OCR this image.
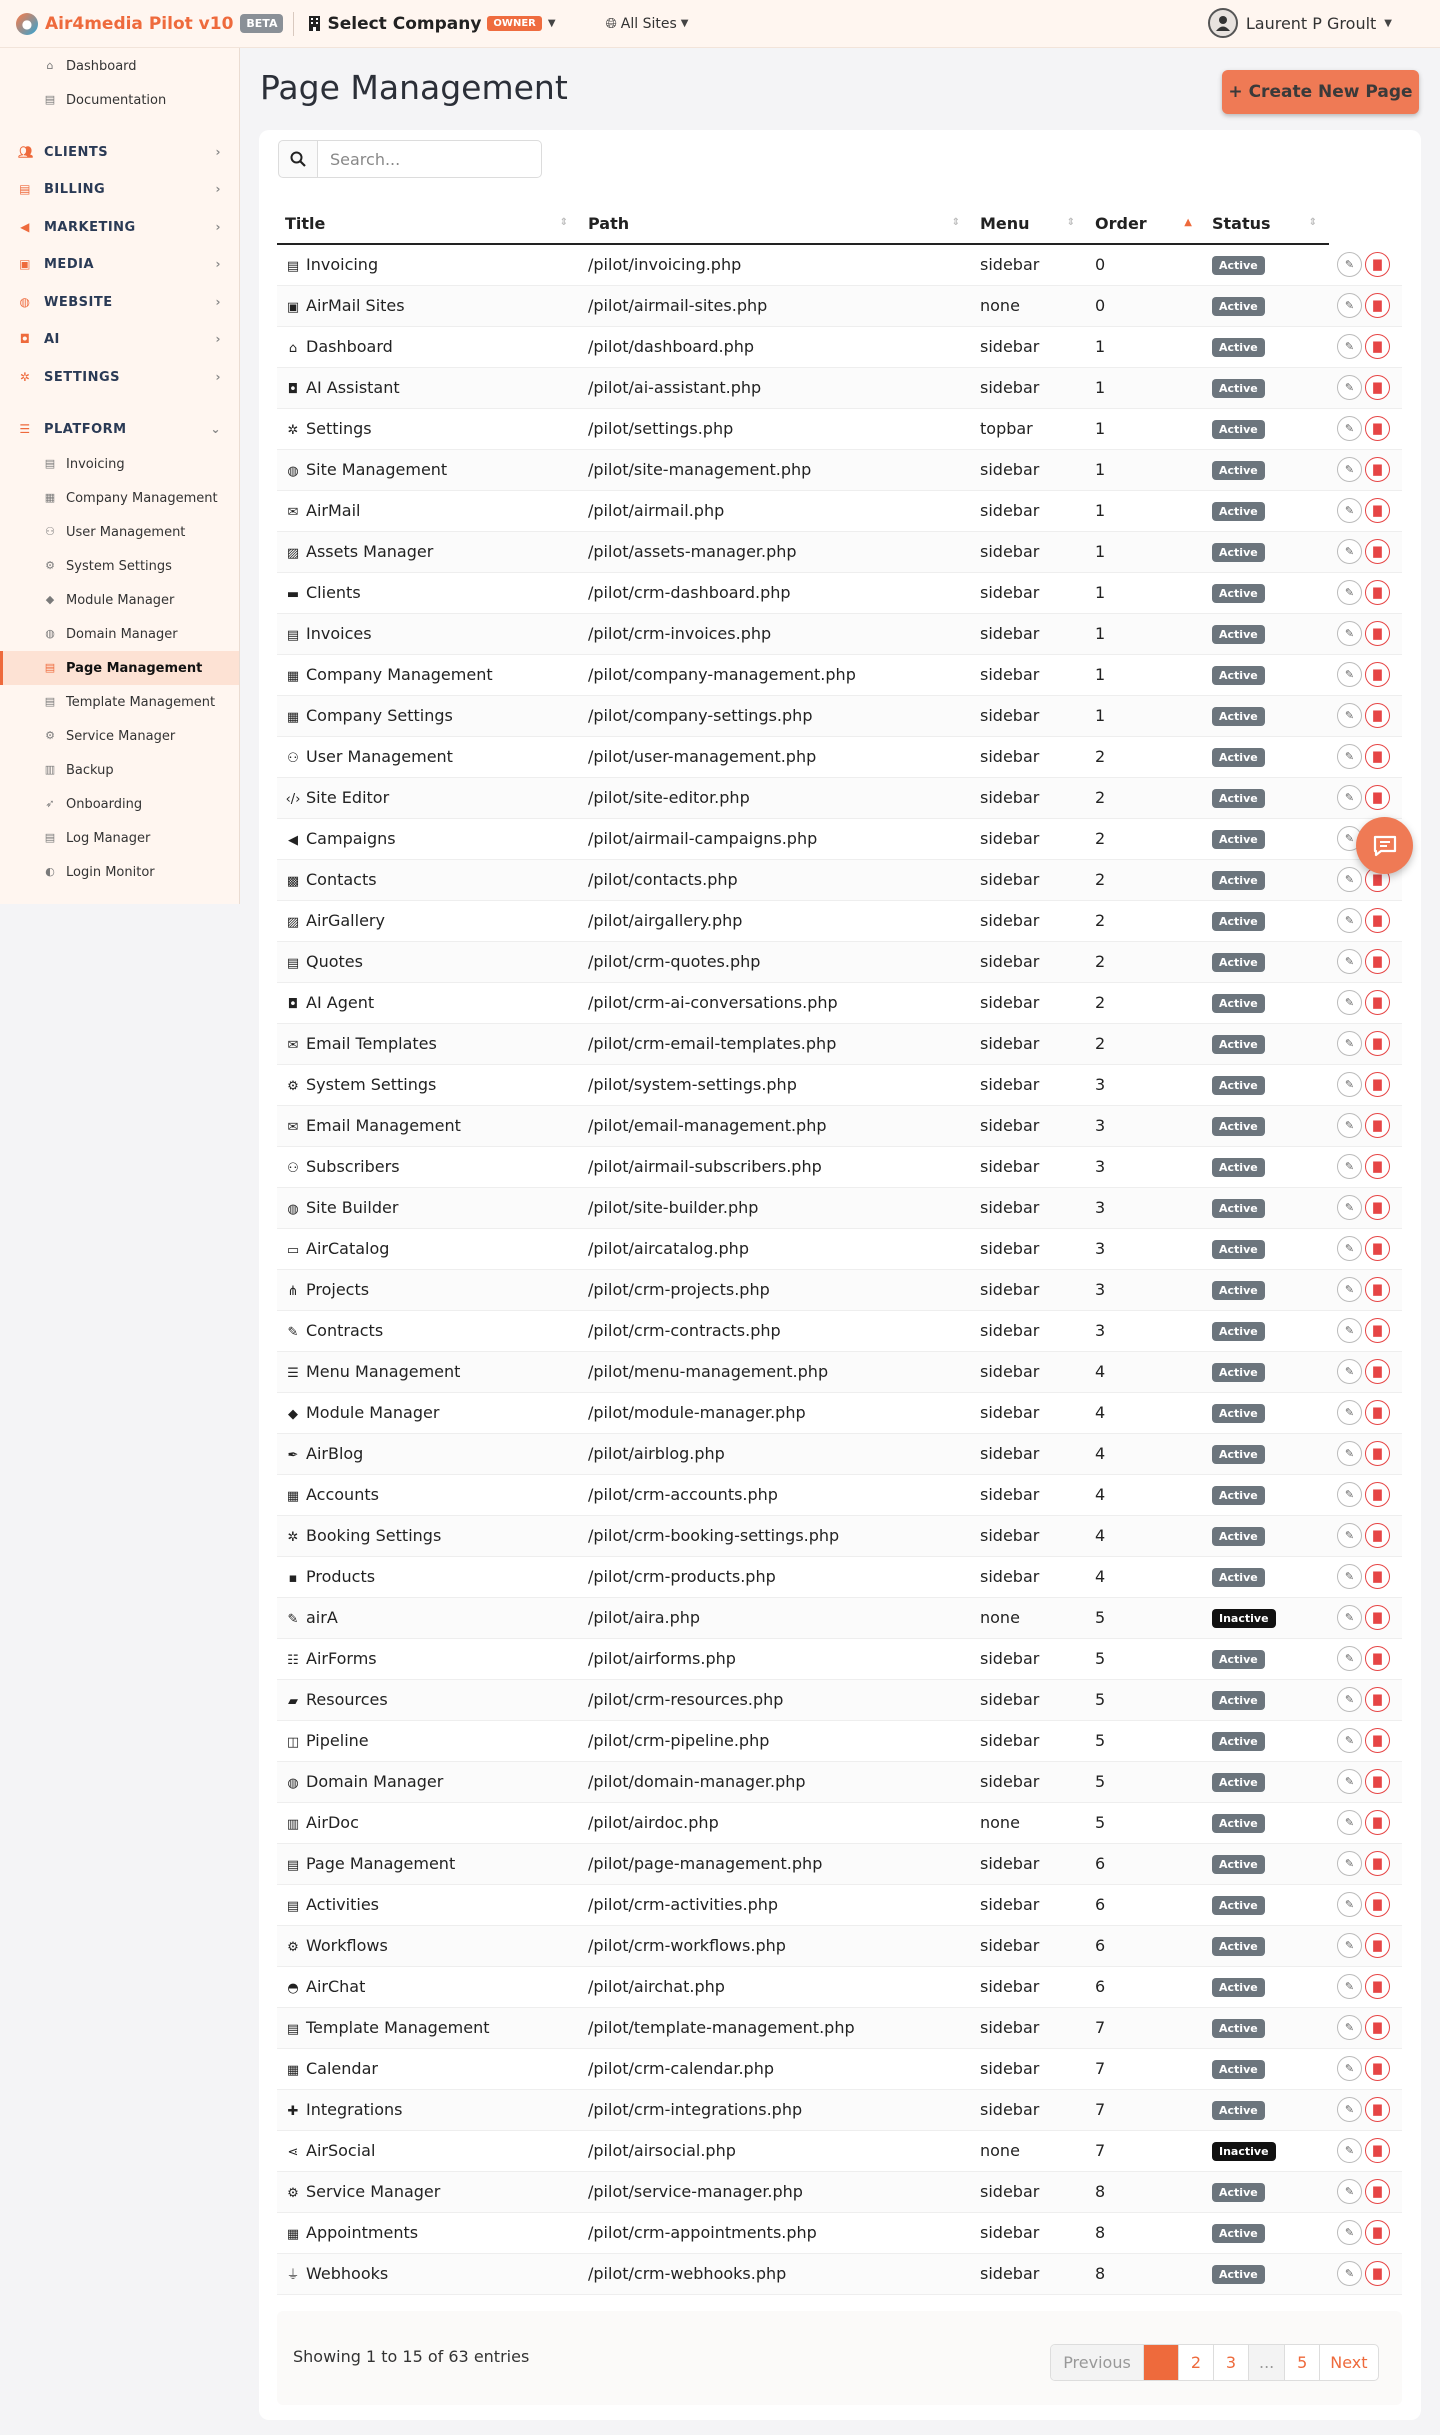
● Air4media Pilot v10	BETA	Select Company	OWNER	▼	🌐︎ All Sites ▼	Laurent P Groult ▼
⌂ Dashboard
▤ Documentation
👥︎ CLIENTS	›
▤ BILLING	›
◀ MARKETING	›
▣ MEDIA	›
◍ WEBSITE	›
◘ AI	›
✲ SETTINGS	›
☰ PLATFORM	⌄
▤ Invoicing
▦ Company Management
⚇ User Management
⚙ System Settings
◆ Module Manager
◍ Domain Manager
▤ Page Management
▤ Template Management
⚙ Service Manager
▥ Backup
➶ Onboarding
▤ Log Manager
◐ Login Monitor
Page Management	+ Create New Page
Search...
Title ⇕	Path ⇕	Menu ⇕	Order ▲	Status ⇕	

▤ Invoicing	/pilot/invoicing.php	sidebar	0	Active	✎ ▇

▣ AirMail Sites	/pilot/airmail-sites.php	none	0	Active	✎ ▇

⌂ Dashboard	/pilot/dashboard.php	sidebar	1	Active	✎ ▇

◘ AI Assistant	/pilot/ai-assistant.php	sidebar	1	Active	✎ ▇

✲ Settings	/pilot/settings.php	topbar	1	Active	✎ ▇

◍ Site Management	/pilot/site-management.php	sidebar	1	Active	✎ ▇

✉ AirMail	/pilot/airmail.php	sidebar	1	Active	✎ ▇

▨ Assets Manager	/pilot/assets-manager.php	sidebar	1	Active	✎ ▇

▬ Clients	/pilot/crm-dashboard.php	sidebar	1	Active	✎ ▇

▤ Invoices	/pilot/crm-invoices.php	sidebar	1	Active	✎ ▇

▦ Company Management	/pilot/company-management.php	sidebar	1	Active	✎ ▇

▦ Company Settings	/pilot/company-settings.php	sidebar	1	Active	✎ ▇

⚇ User Management	/pilot/user-management.php	sidebar	2	Active	✎ ▇

‹/› Site Editor	/pilot/site-editor.php	sidebar	2	Active	✎ ▇

◀ Campaigns	/pilot/airmail-campaigns.php	sidebar	2	Active	✎

▩ Contacts	/pilot/contacts.php	sidebar	2	Active	✎ ▇

▨ AirGallery	/pilot/airgallery.php	sidebar	2	Active	✎ ▇

▤ Quotes	/pilot/crm-quotes.php	sidebar	2	Active	✎ ▇

◘ AI Agent	/pilot/crm-ai-conversations.php	sidebar	2	Active	✎ ▇

✉ Email Templates	/pilot/crm-email-templates.php	sidebar	2	Active	✎ ▇

⚙ System Settings	/pilot/system-settings.php	sidebar	3	Active	✎ ▇

✉ Email Management	/pilot/email-management.php	sidebar	3	Active	✎ ▇

⚇ Subscribers	/pilot/airmail-subscribers.php	sidebar	3	Active	✎ ▇

◍ Site Builder	/pilot/site-builder.php	sidebar	3	Active	✎ ▇

▭ AirCatalog	/pilot/aircatalog.php	sidebar	3	Active	✎ ▇

⋔ Projects	/pilot/crm-projects.php	sidebar	3	Active	✎ ▇

✎ Contracts	/pilot/crm-contracts.php	sidebar	3	Active	✎ ▇

☰ Menu Management	/pilot/menu-management.php	sidebar	4	Active	✎ ▇

◆ Module Manager	/pilot/module-manager.php	sidebar	4	Active	✎ ▇

✒ AirBlog	/pilot/airblog.php	sidebar	4	Active	✎ ▇

▦ Accounts	/pilot/crm-accounts.php	sidebar	4	Active	✎ ▇

✲ Booking Settings	/pilot/crm-booking-settings.php	sidebar	4	Active	✎ ▇

▪ Products	/pilot/crm-products.php	sidebar	4	Active	✎ ▇

✎ airA	/pilot/aira.php	none	5	Inactive	✎ ▇

☷ AirForms	/pilot/airforms.php	sidebar	5	Active	✎ ▇

▰ Resources	/pilot/crm-resources.php	sidebar	5	Active	✎ ▇

◫ Pipeline	/pilot/crm-pipeline.php	sidebar	5	Active	✎ ▇

◍ Domain Manager	/pilot/domain-manager.php	sidebar	5	Active	✎ ▇

▥ AirDoc	/pilot/airdoc.php	none	5	Active	✎ ▇

▤ Page Management	/pilot/page-management.php	sidebar	6	Active	✎ ▇

▤ Activities	/pilot/crm-activities.php	sidebar	6	Active	✎ ▇

⚙ Workflows	/pilot/crm-workflows.php	sidebar	6	Active	✎ ▇

◓ AirChat	/pilot/airchat.php	sidebar	6	Active	✎ ▇

▤ Template Management	/pilot/template-management.php	sidebar	7	Active	✎ ▇

▦ Calendar	/pilot/crm-calendar.php	sidebar	7	Active	✎ ▇

✚ Integrations	/pilot/crm-integrations.php	sidebar	7	Active	✎ ▇

⋖ AirSocial	/pilot/airsocial.php	none	7	Inactive	✎ ▇

⚙ Service Manager	/pilot/service-manager.php	sidebar	8	Active	✎ ▇

▦ Appointments	/pilot/crm-appointments.php	sidebar	8	Active	✎ ▇

⏚ Webhooks	/pilot/crm-webhooks.php	sidebar	8	Active	✎ ▇
Showing 1 to 15 of 63 entries	Previous	2	3	...	5	Next
